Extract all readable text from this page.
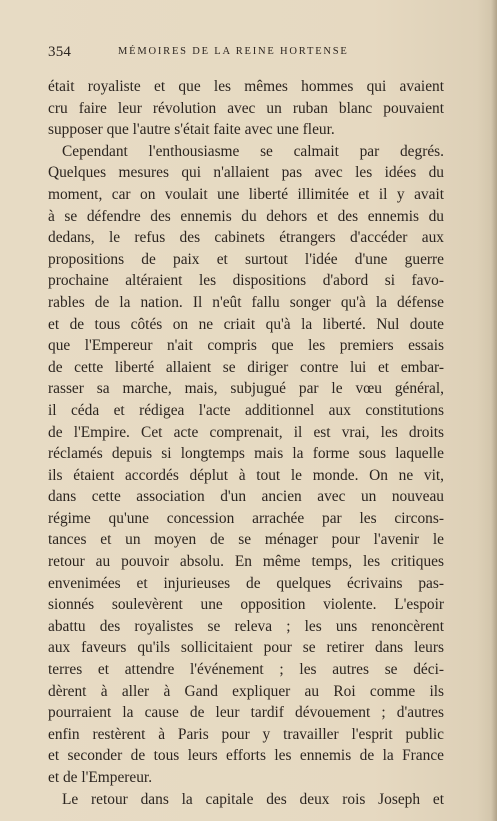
354	MÉMOIRES DE LA REINE HORTENSE
était royaliste et que les mêmes hommes qui avaient
cru faire leur révolution avec un ruban blanc pouvaient
supposer que l'autre s'était faite avec une fleur.
Cependant l'enthousiasme se calmait par degrés.
Quelques mesures qui n'allaient pas avec les idées du
moment, car on voulait une liberté illimitée et il y avait
à se défendre des ennemis du dehors et des ennemis du
dedans, le refus des cabinets étrangers d'accéder aux
propositions de paix et surtout l'idée d'une guerre
prochaine altéraient les dispositions d'abord si favo-
rables de la nation. Il n'eût fallu songer qu'à la défense
et de tous côtés on ne criait qu'à la liberté. Nul doute
que l'Empereur n'ait compris que les premiers essais
de cette liberté allaient se diriger contre lui et embar-
rasser sa marche, mais, subjugué par le vœu général,
il céda et rédigea l'acte additionnel aux constitutions
de l'Empire. Cet acte comprenait, il est vrai, les droits
réclamés depuis si longtemps mais la forme sous laquelle
ils étaient accordés déplut à tout le monde. On ne vit,
dans cette association d'un ancien avec un nouveau
régime qu'une concession arrachée par les circons-
tances et un moyen de se ménager pour l'avenir le
retour au pouvoir absolu. En même temps, les critiques
envenimées et injurieuses de quelques écrivains pas-
sionnés soulevèrent une opposition violente. L'espoir
abattu des royalistes se releva ; les uns renoncèrent
aux faveurs qu'ils sollicitaient pour se retirer dans leurs
terres et attendre l'événement ; les autres se déci-
dèrent à aller à Gand expliquer au Roi comme ils
pourraient la cause de leur tardif dévouement ; d'autres
enfin restèrent à Paris pour y travailler l'esprit public
et seconder de tous leurs efforts les ennemis de la France
et de l'Empereur.
Le retour dans la capitale des deux rois Joseph et
